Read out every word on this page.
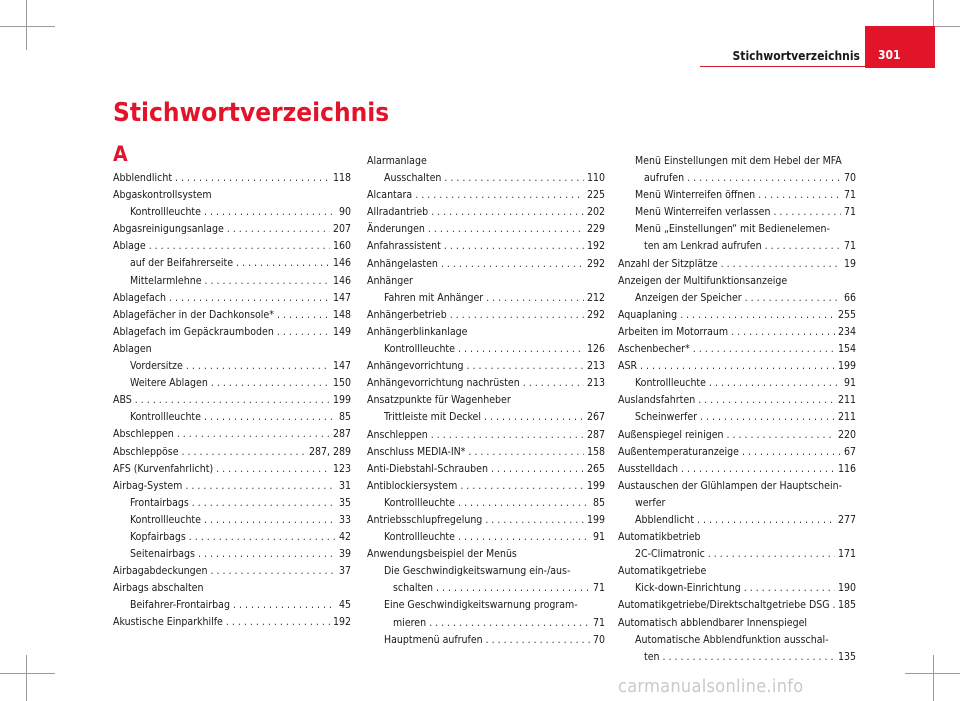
Stichwortverzeichnis 301
Stichwortverzeichnis
A
Abblendlicht . . .	118
Abgaskontrollsystem
Kontrollleuchte . . .	90
Abgasreinigungsanlage . . .	207
Ablage . . .	160
auf der Beifahrerseite . . .	146
Mittelarmlehne . . .	146
Ablagefach . . .	147
Ablagefächer in der Dachkonsole* . . .	148
Ablagefach im Gepäckraumboden . . .	149
Ablagen
Vordersitze . . .	147
Weitere Ablagen . . .	150
ABS . . .	199
Kontrollleuchte . . .	85
Abschleppen . . .	287
Abschleppöse . . .	287, 289
AFS (Kurvenfahrlicht) . . .	123
Airbag-System . . .	31
Frontairbags . . .	35
Kontrollleuchte . . .	33
Kopfairbags . . .	42
Seitenairbags . . .	39
Airbagabdeckungen . . .	37
Airbags abschalten
Beifahrer-Frontairbag . . .	45
Akustische Einparkhilfe . . .	192
Alarmanlage
Ausschalten . . .	110
Alcantara . . .	225
Allradantrieb . . .	202
Änderungen . . .	229
Anfahrassistent . . .	192
Anhängelasten . . .	292
Anhänger
Fahren mit Anhänger . . .	212
Anhängerbetrieb . . .	292
Anhängerblinkanlage
Kontrollleuchte . . .	126
Anhängevorrichtung . . .	213
Anhängevorrichtung nachrüsten . . .	213
Ansatzpunkte für Wagenheber
Trittleiste mit Deckel . . .	267
Anschleppen . . .	287
Anschluss MEDIA-IN* . . .	158
Anti-Diebstahl-Schrauben . . .	265
Antiblockiersystem . . .	199
Kontrollleuchte . . .	85
Antriebsschlupfregelung . . .	199
Kontrollleuchte . . .	91
Anwendungsbeispiel der Menüs
Die Geschwindigkeitswarnung ein-/aus-
schalten . . .	71
Eine Geschwindigkeitswarnung program-
mieren . . .	71
Hauptmenü aufrufen . . .	70
Menü Einstellungen mit dem Hebel der MFA
aufrufen . . .	70
Menü Winterreifen öffnen . . .	71
Menü Winterreifen verlassen . . .	71
Menü „Einstellungen“ mit Bedienelemen-
ten am Lenkrad aufrufen . . .	71
Anzahl der Sitzplätze . . .	19
Anzeigen der Multifunktionsanzeige
Anzeigen der Speicher . . .	66
Aquaplaning . . .	255
Arbeiten im Motorraum . . .	234
Aschenbecher* . . .	154
ASR . . .	199
Kontrollleuchte . . .	91
Auslandsfahrten . . .	211
Scheinwerfer . . .	211
Außenspiegel reinigen . . .	220
Außentemperaturanzeige . . .	67
Ausstelldach . . .	116
Austauschen der Glühlampen der Hauptschein-
werfer
Abblendlicht . . .	277
Automatikbetrieb
2C-Climatronic . . .	171
Automatikgetriebe
Kick-down-Einrichtung . . .	190
Automatikgetriebe/Direktschaltgetriebe DSG . . . 185
Automatisch abblendbarer Innenspiegel
Automatische Abblendfunktion ausschal-
ten . . .	135
carmanualsonline.info
